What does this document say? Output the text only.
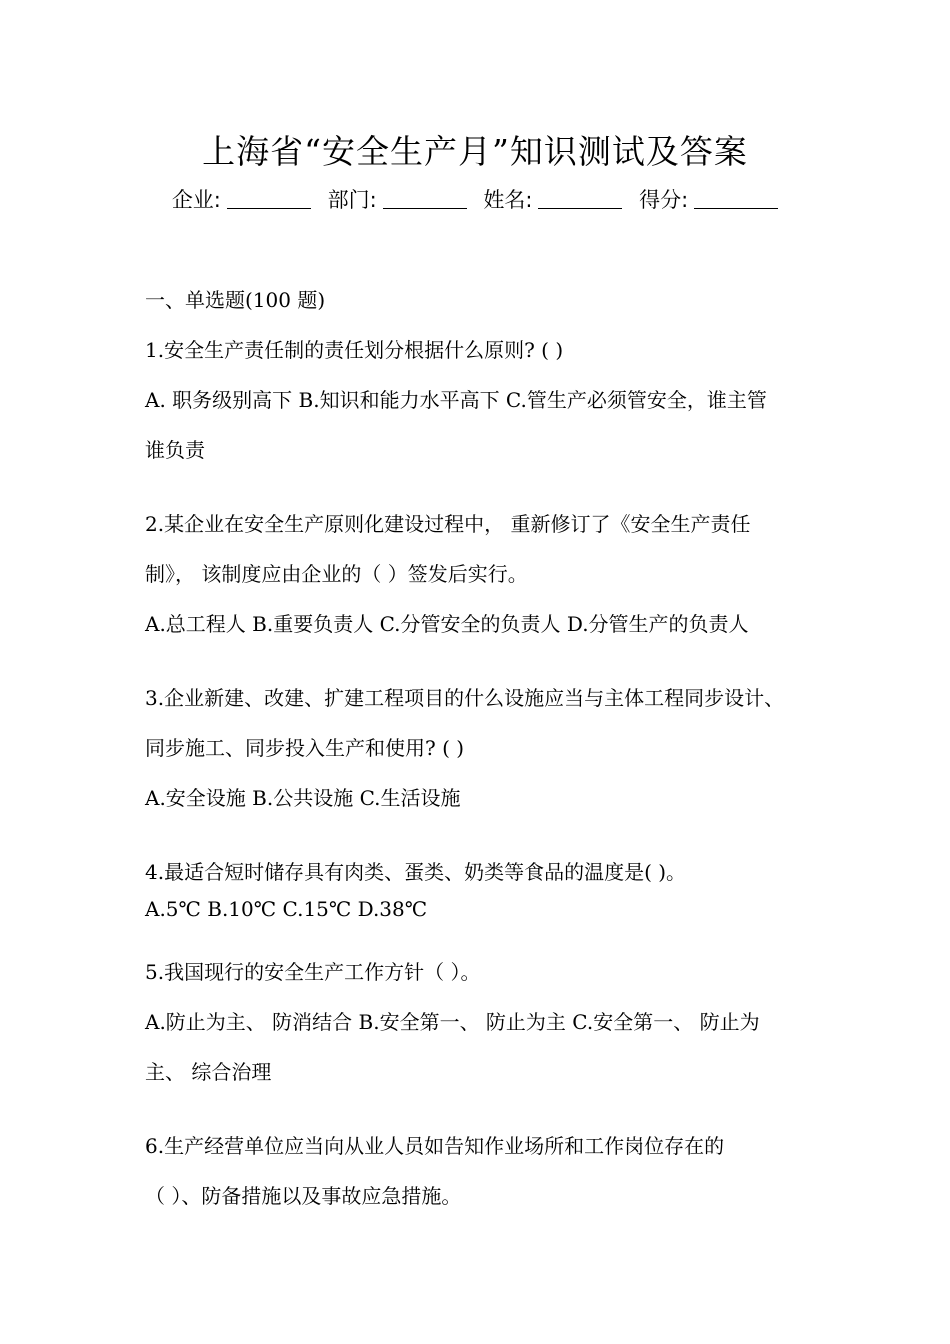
上海省“安全生产月”知识测试及答案
企业:	部门:	姓名:	得分:
一、单选题(100 题)
1.安全生产责任制的责任划分根据什么原则? ( )
A. 职务级别高下 B.知识和能力水平高下 C.管生产必须管安全，谁主管
谁负责
2.某企业在安全生产原则化建设过程中， 重新修订了《安全生产责任
制》， 该制度应由企业的（ ）签发后实行。
A.总工程人 B.重要负责人 C.分管安全的负责人 D.分管生产的负责人
3.企业新建、改建、扩建工程项目的什么设施应当与主体工程同步设计、
同步施工、同步投入生产和使用? ( )
A.安全设施 B.公共设施 C.生活设施
4.最适合短时储存具有肉类、蛋类、奶类等食品的温度是( )。
A.5℃ B.10℃ C.15℃ D.38℃
5.我国现行的安全生产工作方针（ ）。
A.防止为主、 防消结合 B.安全第一、 防止为主 C.安全第一、 防止为
主、 综合治理
6.生产经营单位应当向从业人员如告知作业场所和工作岗位存在的
（ ）、防备措施以及事故应急措施。
